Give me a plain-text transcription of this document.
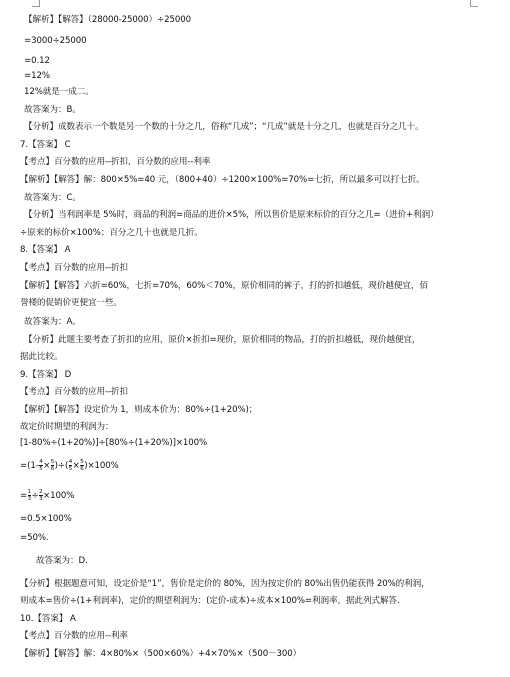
【解析】【解答】（28000-25000）÷25000
=3000÷25000
=0.12
=12%
12%就是一成二。
故答案为：B。
【分析】成数表示一个数是另一个数的十分之几，俗称“几成”；“几成”就是十分之几，也就是百分之几十。
7.【答案】 C
【考点】百分数的应用--折扣，百分数的应用--利率
【解析】【解答】解：800×5%=40 元，（800+40）÷1200×100%=70%=七折，所以最多可以打七折。
故答案为：C。
【分析】当利润率是 5%时，商品的利润=商品的进价×5%，所以售价是原来标价的百分之几=（进价+利润）
÷原来的标价×100%；百分之几十也就是几折。
8.【答案】 A
【考点】百分数的应用--折扣
【解析】【解答】六折=60%，七折=70%，60%＜70%，原价相同的裤子，打的折扣越低，现价越便宜，佰
誉楼的促销价更便宜一些。
故答案为：A。
【分析】此题主要考查了折扣的应用，原价×折扣=现价，原价相同的物品，打的折扣越低，现价越便宜，
据此比较。
9.【答案】 D
【考点】百分数的应用--折扣
【解析】【解答】设定价为 1，则成本价为：80%÷(1+20%)；
故定价时期望的利润为：
[1-80%÷(1+20%)]÷[80%÷(1+20%)]×100%
$=(1- \frac{4}{5} \times \frac{5}{6}$ )÷( $\frac{4}{5} \times \frac{5}{6} )\times 100\%$
= $\frac{1}{3} \div \frac{2}{3} \times 100\%$
=0.5×100%
=50%.
故答案为：D.
【分析】根据题意可知，设定价是“1”，售价是定价的 80%，因为按定价的 80%出售仍能获得 20%的利润，
则成本=售价÷(1+利润率)，定价的期望利润为：(定价-成本)÷成本×100%=利润率，据此列式解答.
10.【答案】 A
【考点】百分数的应用--利率
【解析】【解答】解：4×80%×（500×60%）+4×70%×（500－300）
